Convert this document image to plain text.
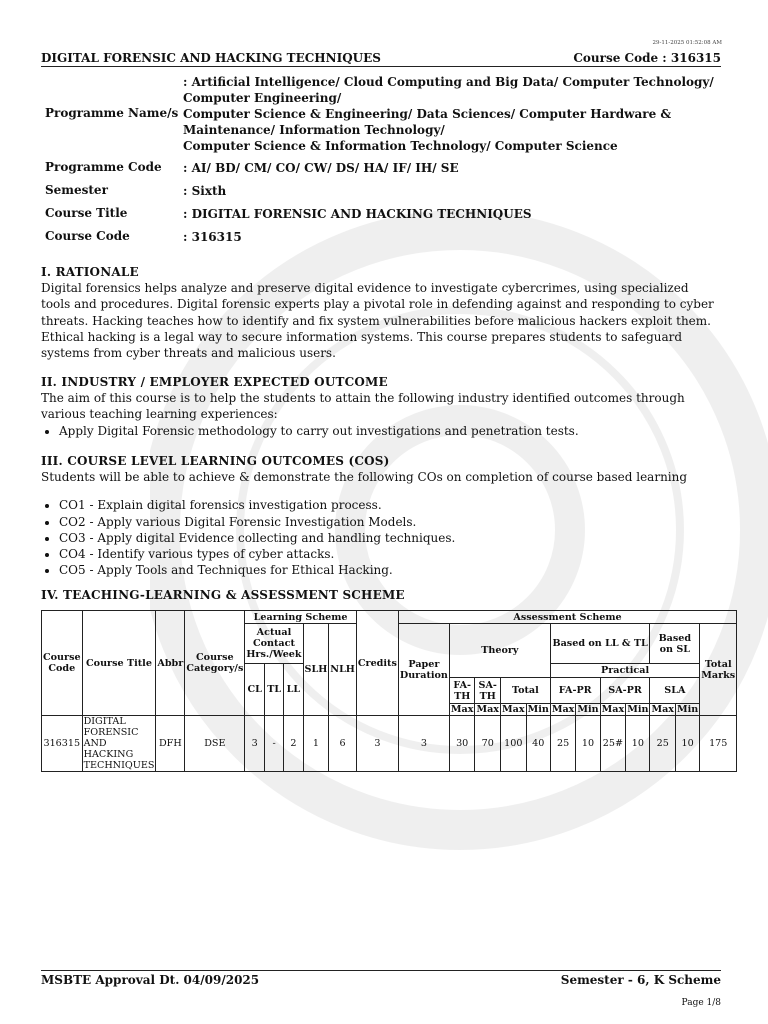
29-11-2025 01:52:08 AM
DIGITAL FORENSIC AND HACKING TECHNIQUES	Course Code : 316315
Programme Name/s
: Artificial Intelligence/ Cloud Computing and Big Data/ Computer Technology/
Computer Engineering/
Computer Science & Engineering/ Data Sciences/ Computer Hardware &
Maintenance/ Information Technology/
Computer Science & Information Technology/ Computer Science
Programme Code	: AI/ BD/ CM/ CO/ CW/ DS/ HA/ IF/ IH/ SE
Semester	: Sixth
Course Title	: DIGITAL FORENSIC AND HACKING TECHNIQUES
Course Code	: 316315
I. RATIONALE

Digital forensics helps analyze and preserve digital evidence to investigate cybercrimes, using specialized tools and procedures. Digital forensic experts play a pivotal role in defending against and responding to cyber threats. Hacking teaches how to identify and fix system vulnerabilities before malicious hackers exploit them. Ethical hacking is a legal way to secure information systems. This course prepares students to safeguard systems from cyber threats and malicious users.

II. INDUSTRY / EMPLOYER EXPECTED OUTCOME

The aim of this course is to help the students to attain the following industry identified outcomes through various teaching learning experiences:

• Apply Digital Forensic methodology to carry out investigations and penetration tests.
III. COURSE LEVEL LEARNING OUTCOMES (COS)

Students will be able to achieve & demonstrate the following COs on completion of course based learning

• CO1 - Explain digital forensics investigation process.
• CO2 - Apply various Digital Forensic Investigation Models.
• CO3 - Apply digital Evidence collecting and handling techniques.
• CO4 - Identify various types of cyber attacks.
• CO5 - Apply Tools and Techniques for Ethical Hacking.
IV. TEACHING-LEARNING & ASSESSMENT SCHEME
Course Code	Course Title	Abbr	Course Category/s	Learning Scheme					Credits	Assessment Scheme											
				Actual Contact Hrs./Week			SLH	NLH		Paper Duration	Theory				Based on LL & TL				Based on SL		Total Marks
				CL	TL	LL									Practical						
											FA-TH	SA-TH	Total		FA-PR		SA-PR		SLA		
											Max	Max	Max	Min	Max	Min	Max	Min	Max	Min	
316315	DIGITAL FORENSIC AND HACKING TECHNIQUES	DFH	DSE	3	-	2	1	6	3	3	30	70	100	40	25	10	25#	10	25	10	175
MSBTE Approval Dt. 04/09/2025	Semester - 6, K Scheme
Page 1/8
